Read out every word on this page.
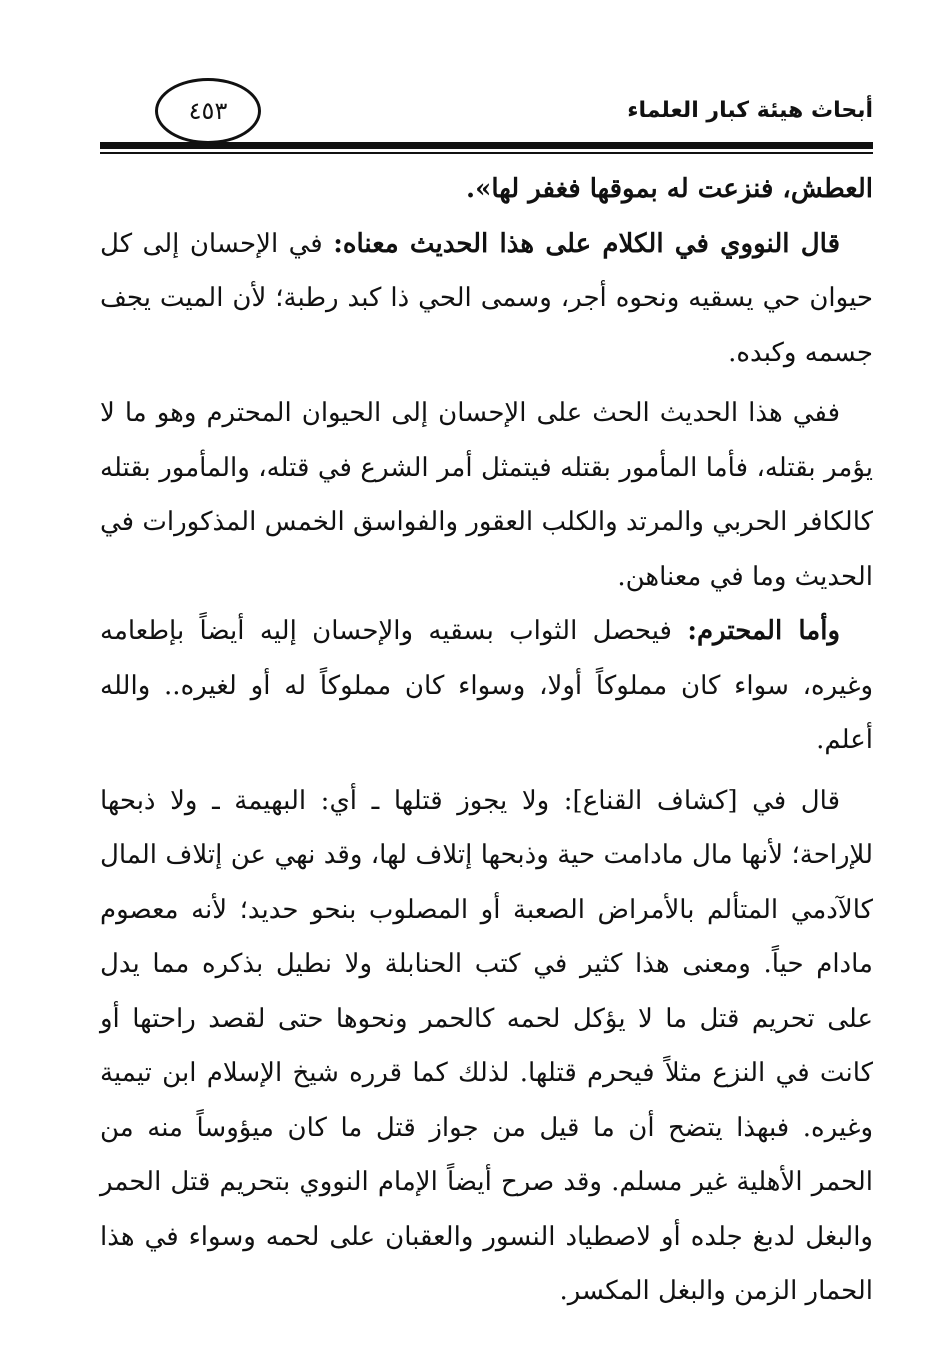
أبحاث هيئة كبار العلماء
٤٥٣

العطش، فنزعت له بموقها فغفر لها».

قال النووي في الكلام على هذا الحديث معناه: في الإحسان إلى كل حيوان حي يسقيه ونحوه أجر، وسمى الحي ذا كبد رطبة؛ لأن الميت يجف جسمه وكبده.

ففي هذا الحديث الحث على الإحسان إلى الحيوان المحترم وهو ما لا يؤمر بقتله، فأما المأمور بقتله فيتمثل أمر الشرع في قتله، والمأمور بقتله كالكافر الحربي والمرتد والكلب العقور والفواسق الخمس المذكورات في الحديث وما في معناهن.

وأما المحترم: فيحصل الثواب بسقيه والإحسان إليه أيضاً بإطعامه وغيره، سواء كان مملوكاً أولا، وسواء كان مملوكاً له أو لغيره.. والله أعلم.

قال في [كشاف القناع]: ولا يجوز قتلها ـ أي: البهيمة ـ ولا ذبحها للإراحة؛ لأنها مال مادامت حية وذبحها إتلاف لها، وقد نهي عن إتلاف المال كالآدمي المتألم بالأمراض الصعبة أو المصلوب بنحو حديد؛ لأنه معصوم مادام حياً. ومعنى هذا كثير في كتب الحنابلة ولا نطيل بذكره مما يدل على تحريم قتل ما لا يؤكل لحمه كالحمر ونحوها حتى لقصد راحتها أو كانت في النزع مثلاً فيحرم قتلها. لذلك كما قرره شيخ الإسلام ابن تيمية وغيره. فبهذا يتضح أن ما قيل من جواز قتل ما كان ميؤوساً منه من الحمر الأهلية غير مسلم. وقد صرح أيضاً الإمام النووي بتحريم قتل الحمر والبغل لدبغ جلده أو لاصطياد النسور والعقبان على لحمه وسواء في هذا الحمار الزمن والبغل المكسر.
